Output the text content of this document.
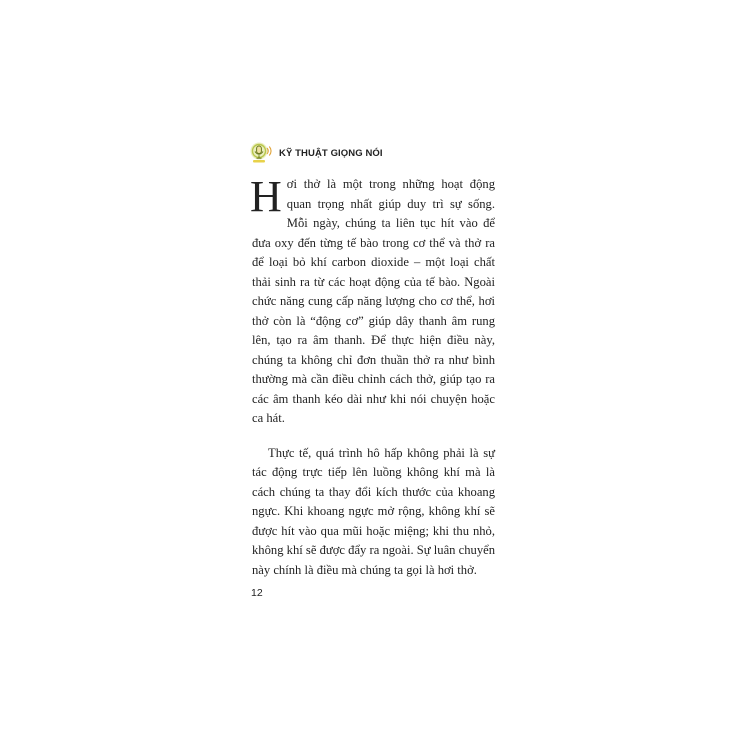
KỸ THUẬT GIỌNG NÓI

Hơi thở là một trong những hoạt động quan trọng nhất giúp duy trì sự sống. Mỗi ngày, chúng ta liên tục hít vào để đưa oxy đến từng tế bào trong cơ thể và thở ra để loại bỏ khí carbon dioxide – một loại chất thải sinh ra từ các hoạt động của tế bào. Ngoài chức năng cung cấp năng lượng cho cơ thể, hơi thở còn là “động cơ” giúp dây thanh âm rung lên, tạo ra âm thanh. Để thực hiện điều này, chúng ta không chỉ đơn thuần thở ra như bình thường mà cần điều chỉnh cách thở, giúp tạo ra các âm thanh kéo dài như khi nói chuyện hoặc ca hát.

Thực tế, quá trình hô hấp không phải là sự tác động trực tiếp lên luồng không khí mà là cách chúng ta thay đổi kích thước của khoang ngực. Khi khoang ngực mở rộng, không khí sẽ được hít vào qua mũi hoặc miệng; khi thu nhỏ, không khí sẽ được đẩy ra ngoài. Sự luân chuyển này chính là điều mà chúng ta gọi là hơi thở.

12
